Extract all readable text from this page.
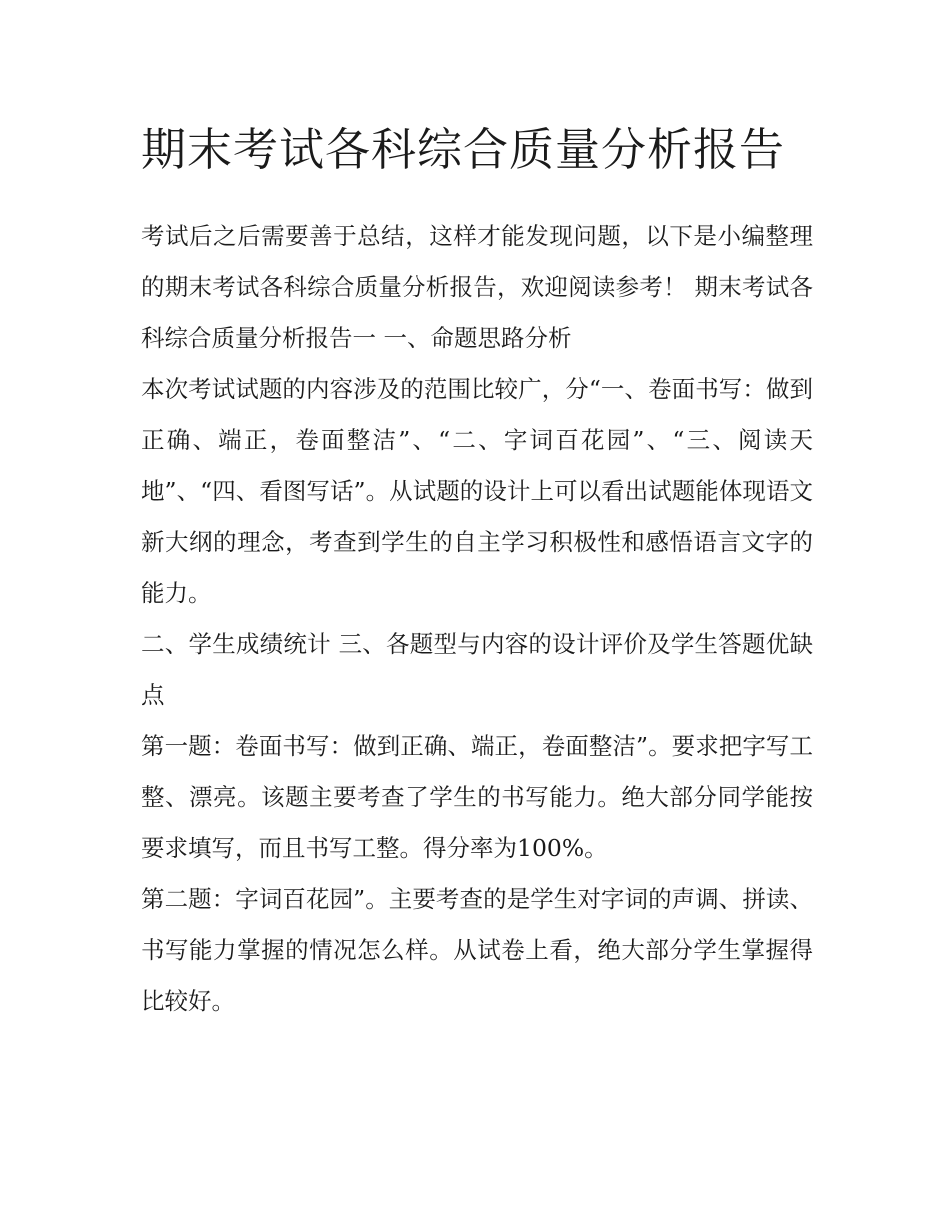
期末考试各科综合质量分析报告

考试后之后需要善于总结，这样才能发现问题，以下是小编整理的期末考试各科综合质量分析报告，欢迎阅读参考！ 期末考试各科综合质量分析报告一 一、命题思路分析

本次考试试题的内容涉及的范围比较广，分“一、卷面书写：做到正确、端正，卷面整洁”、“二、字词百花园”、“三、阅读天地”、“四、看图写话”。从试题的设计上可以看出试题能体现语文新大纲的理念，考查到学生的自主学习积极性和感悟语言文字的能力。

二、学生成绩统计 三、各题型与内容的设计评价及学生答题优缺点

第一题：卷面书写：做到正确、端正，卷面整洁”。要求把字写工整、漂亮。该题主要考查了学生的书写能力。绝大部分同学能按要求填写，而且书写工整。得分率为100%。

第二题：字词百花园”。主要考查的是学生对字词的声调、拼读、书写能力掌握的情况怎么样。从试卷上看，绝大部分学生掌握得比较好。
